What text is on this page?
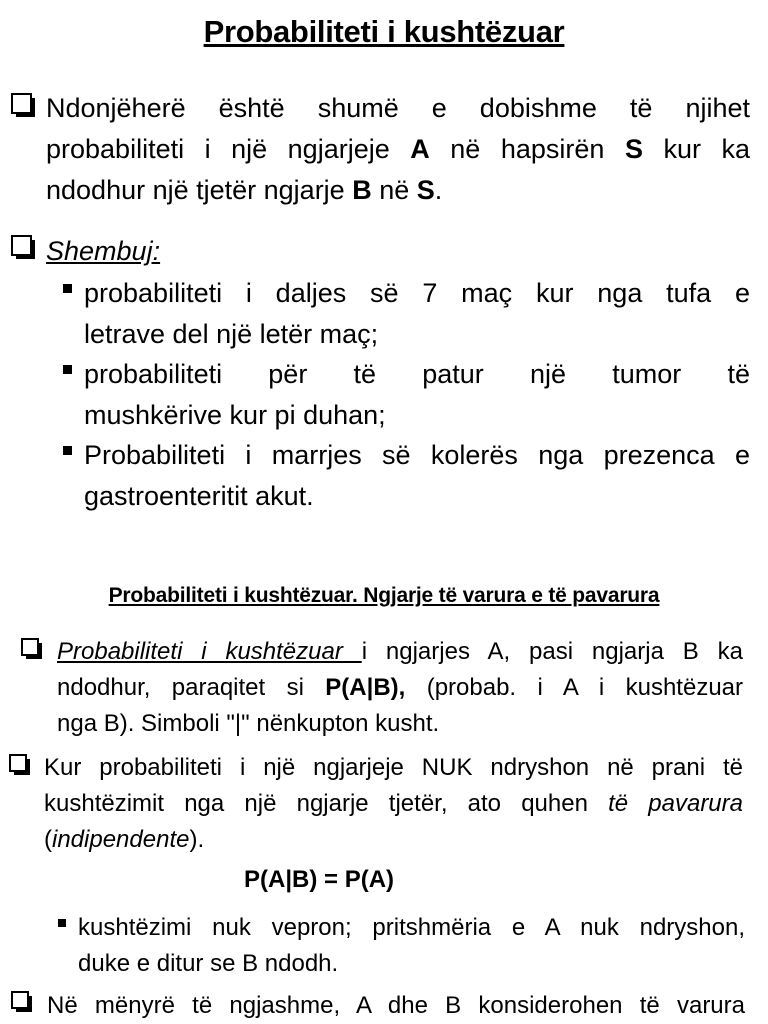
Probabiliteti i kushtëzuar
Ndonjëherë është shumë e dobishme të njihet
probabiliteti i një ngjarjeje A në hapsirën S kur ka
ndodhur një tjetër ngjarje B në S.
Shembuj:
probabiliteti i daljes së 7 maç kur nga tufa e
letrave del një letër maç;
probabiliteti për të patur një tumor të
mushkërive kur pi duhan;
Probabiliteti i marrjes së kolerës nga prezenca e
gastroenteritit akut.
Probabiliteti i kushtëzuar. Ngjarje të varura e të pavarura
Probabiliteti i kushtëzuar i ngjarjes A, pasi ngjarja B ka
ndodhur, paraqitet si P(A|B), (probab. i A i kushtëzuar
nga B). Simboli "|" nënkupton kusht.
Kur probabiliteti i një ngjarjeje NUK ndryshon në prani të
kushtëzimit nga një ngjarje tjetër, ato quhen të pavarura
(indipendente).
P(A|B) = P(A)
kushtëzimi nuk vepron; pritshmëria e A nuk ndryshon,
duke e ditur se B ndodh.
Në mënyrë të ngjashme, A dhe B konsiderohen të varura
